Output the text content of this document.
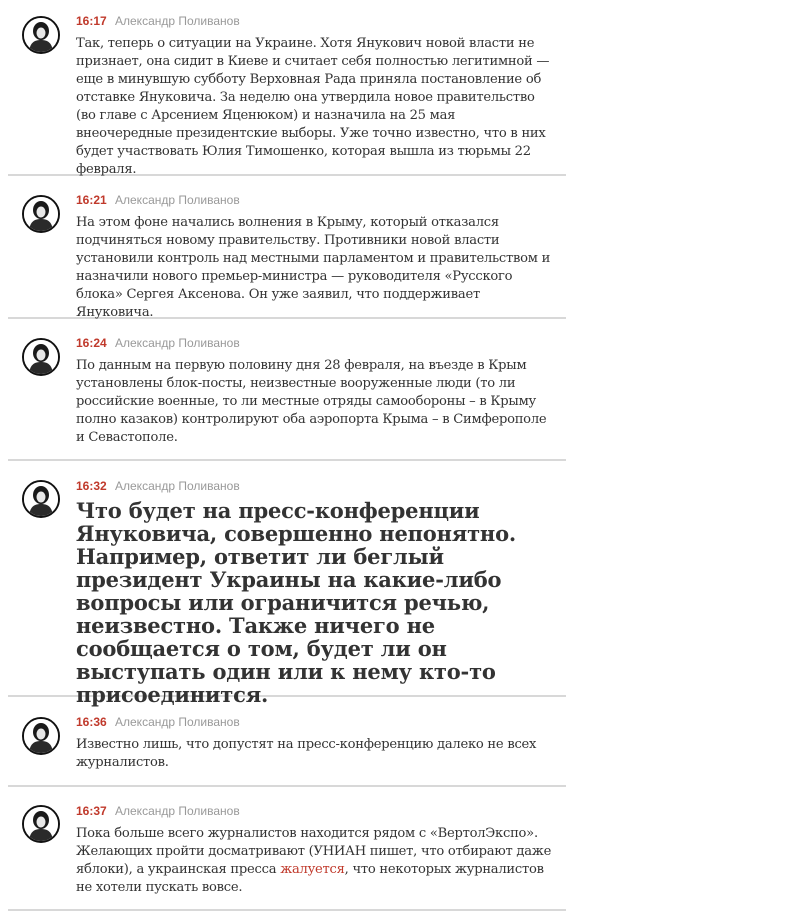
16:17 Александр Поливанов
Так, теперь о ситуации на Украине. Хотя Янукович новой власти не признает, она сидит в Киеве и считает себя полностью легитимной — еще в минувшую субботу Верховная Рада приняла постановление об отставке Януковича. За неделю она утвердила новое правительство (во главе с Арсением Яценюком) и назначила на 25 мая внеочередные президентские выборы. Уже точно известно, что в них будет участвовать Юлия Тимошенко, которая вышла из тюрьмы 22 февраля.
16:21 Александр Поливанов
На этом фоне начались волнения в Крыму, который отказался подчиняться новому правительству. Противники новой власти установили контроль над местными парламентом и правительством и назначили нового премьер-министра — руководителя «Русского блока» Сергея Аксенова. Он уже заявил, что поддерживает Януковича.
16:24 Александр Поливанов
По данным на первую половину дня 28 февраля, на въезде в Крым установлены блок-посты, неизвестные вооруженные люди (то ли российские военные, то ли местные отряды самообороны – в Крыму полно казаков) контролируют оба аэропорта Крыма – в Симферополе и Севастополе.
16:32 Александр Поливанов
Что будет на пресс-конференции Януковича, совершенно непонятно. Например, ответит ли беглый президент Украины на какие-либо вопросы или ограничится речью, неизвестно. Также ничего не сообщается о том, будет ли он выступать один или к нему кто-то присоединится.
16:36 Александр Поливанов
Известно лишь, что допустят на пресс-конференцию далеко не всех журналистов.
16:37 Александр Поливанов
Пока больше всего журналистов находится рядом с «ВертолЭкспо». Желающих пройти досматривают (УНИАН пишет, что отбирают даже яблоки), а украинская пресса жалуется, что некоторых журналистов не хотели пускать вовсе.
